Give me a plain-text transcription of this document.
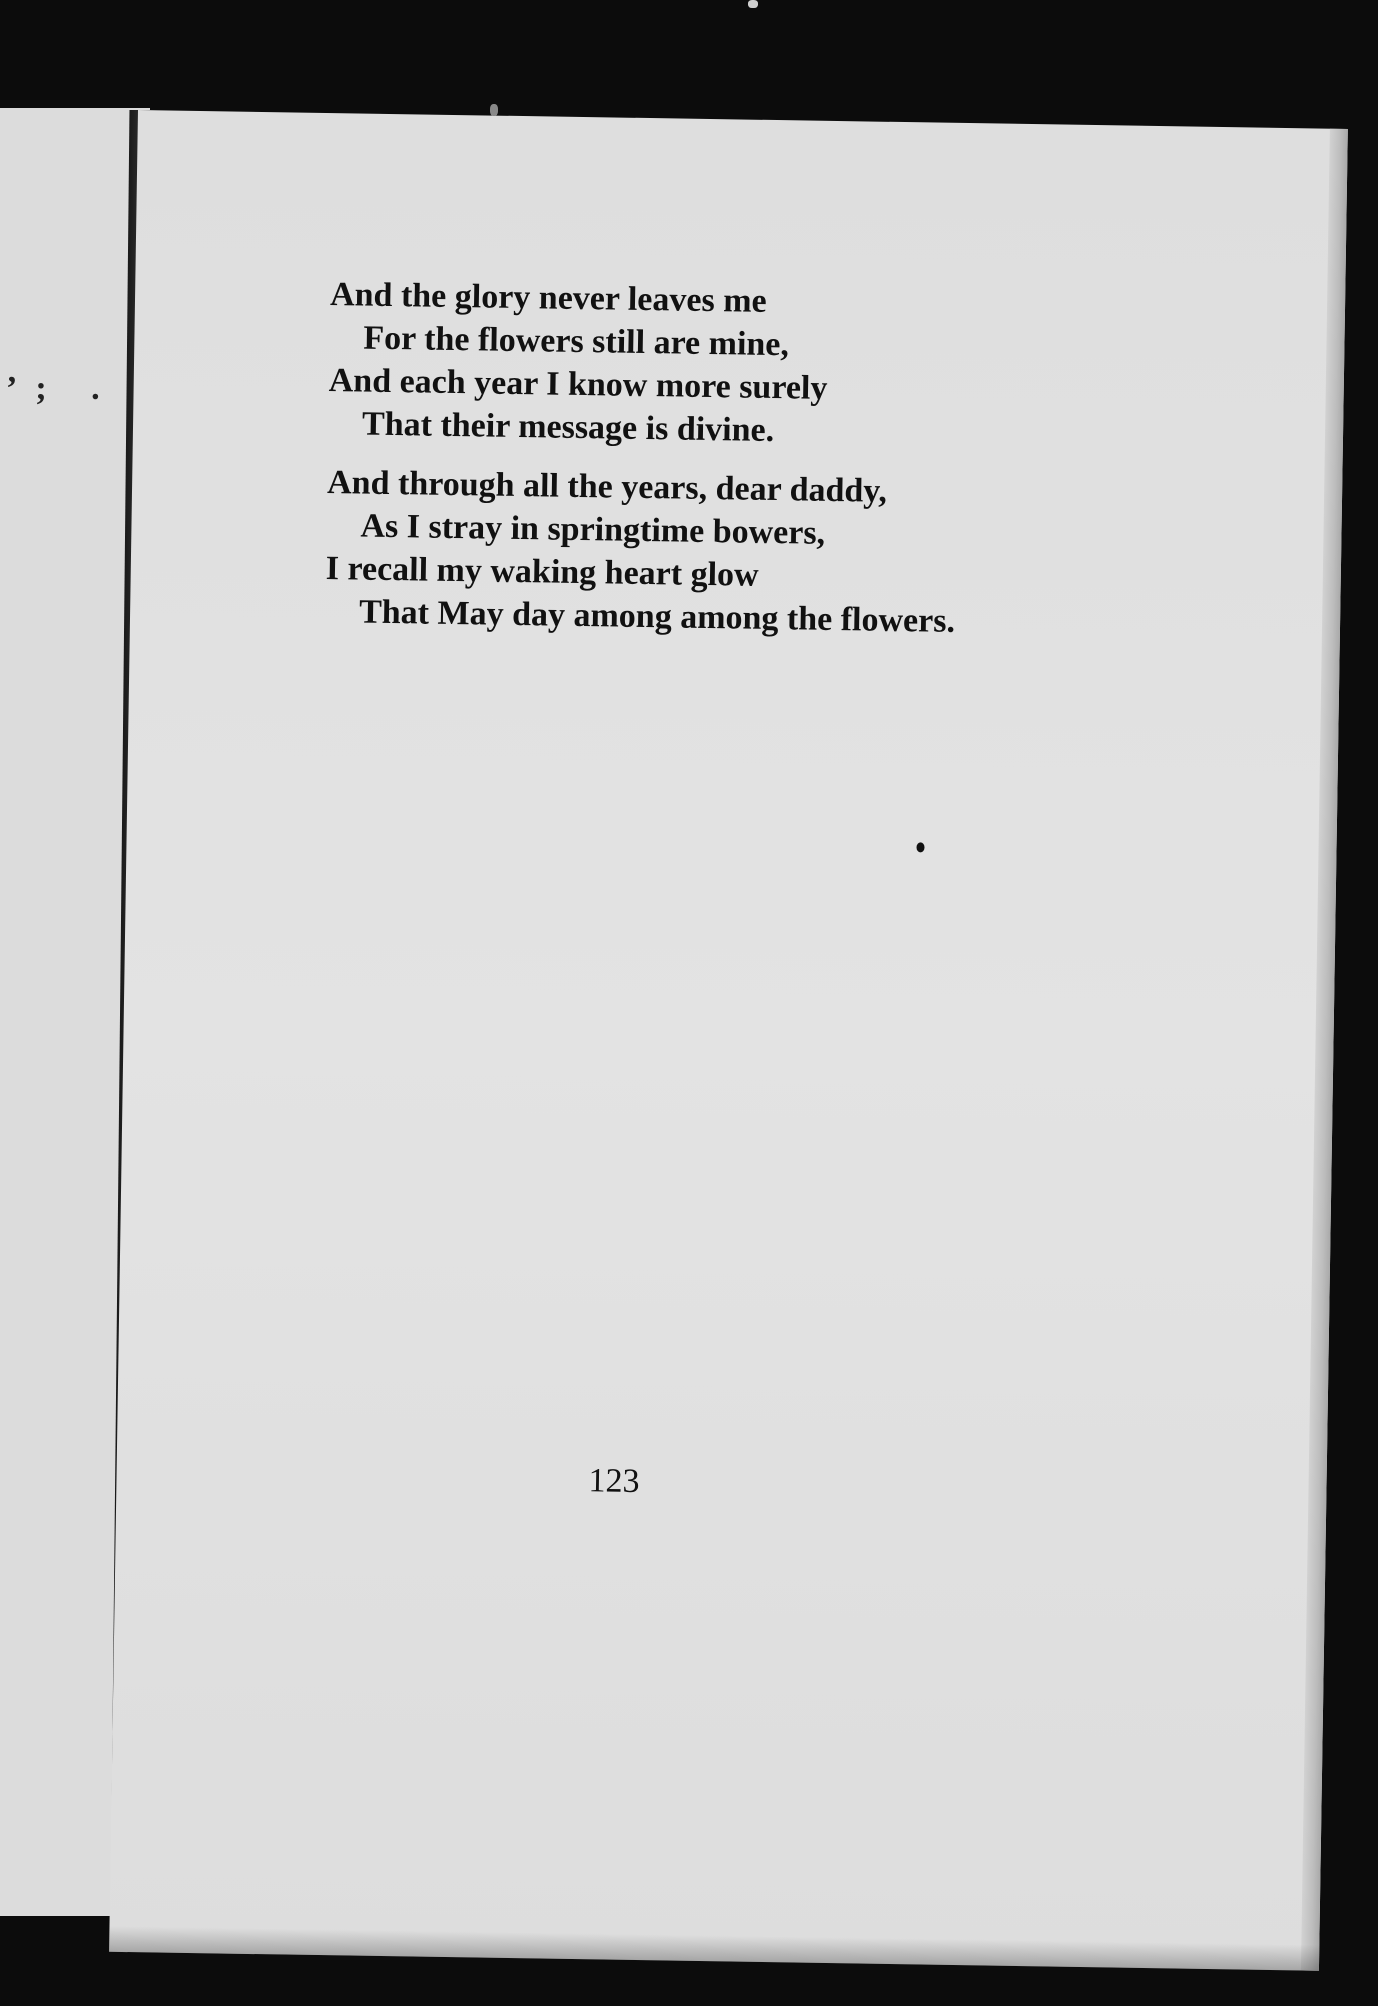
’; .
And the glory never leaves me
For the flowers still are mine,
And each year I know more surely
That their message is divine.
And through all the years, dear daddy,
As I stray in springtime bowers,
I recall my waking heart glow
That May day among among the flowers.
123
